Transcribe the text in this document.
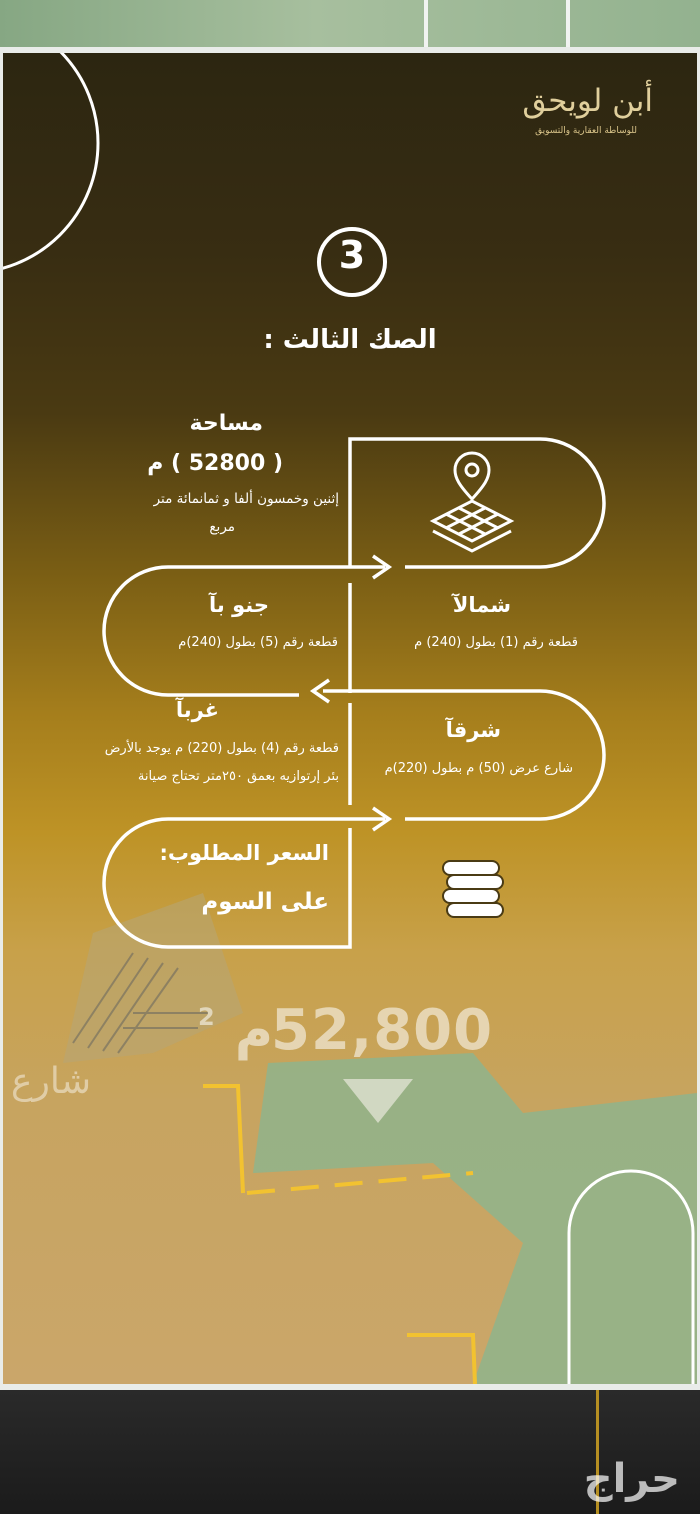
أبن لويحق
للوساطة العقارية والتسويق
3
الصك الثالث :
مساحة
( 52800 ) م
إثنين وخمسون ألفا و ثمانمائة متر
مربع
شمالآ
قطعة رقم (1) بطول (240) م
جنو بآ
قطعة رقم (5) بطول (240)م
غربآ
قطعة رقم (4) بطول (220) م يوجد بالأرض
بئر إرتوازيه بعمق ٢٥٠متر تحتاج صيانة
شرقآ
شارع عرض (50) م بطول (220)م
السعر المطلوب:
على السوم
52,800
م
2
شارع
حراج
